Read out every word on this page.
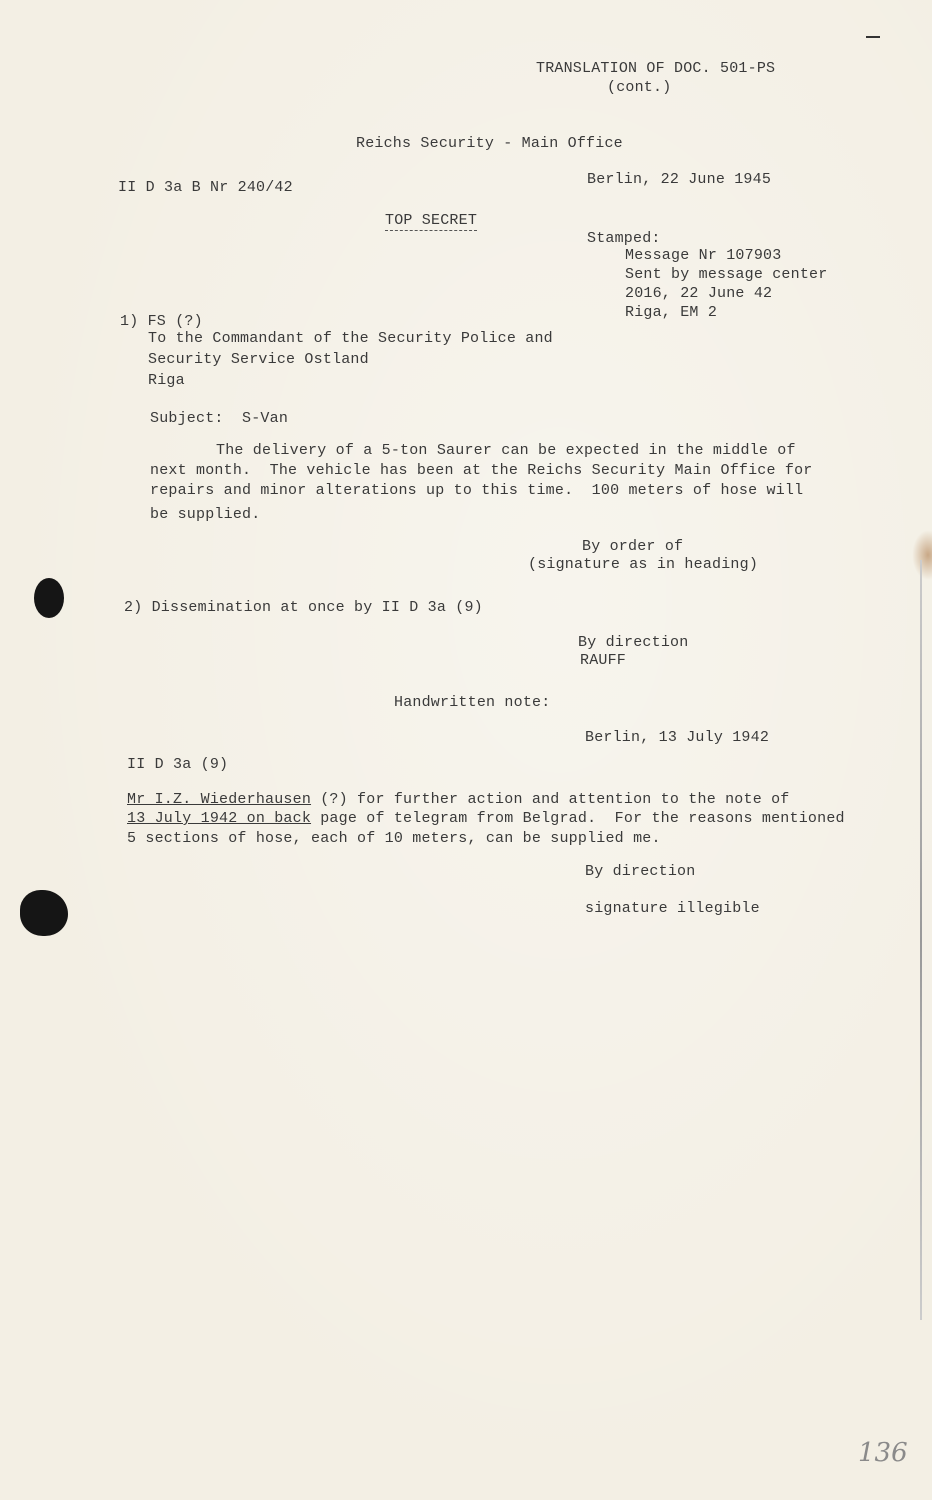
TRANSLATION OF DOC. 501-PS
(cont.)
Reichs Security - Main Office
II D 3a B Nr 240/42	Berlin, 22 June 1945
TOP SECRET
Stamped:
Message Nr 107903
Sent by message center
2016, 22 June 42
Riga, EM 2
1) FS (?)
To the Commandant of the Security Police and
Security Service Ostland
Riga
Subject:  S-Van
The delivery of a 5-ton Saurer can be expected in the middle of
next month.  The vehicle has been at the Reichs Security Main Office for
repairs and minor alterations up to this time.  100 meters of hose will
be supplied.
By order of
(signature as in heading)
2) Dissemination at once by II D 3a (9)
By direction
RAUFF
Handwritten note:
Berlin, 13 July 1942
II D 3a (9)
Mr I.Z. Wiederhausen (?) for further action and attention to the note of
13 July 1942 on back page of telegram from Belgrad.  For the reasons mentioned
5 sections of hose, each of 10 meters, can be supplied me.
By direction
signature illegible
136
